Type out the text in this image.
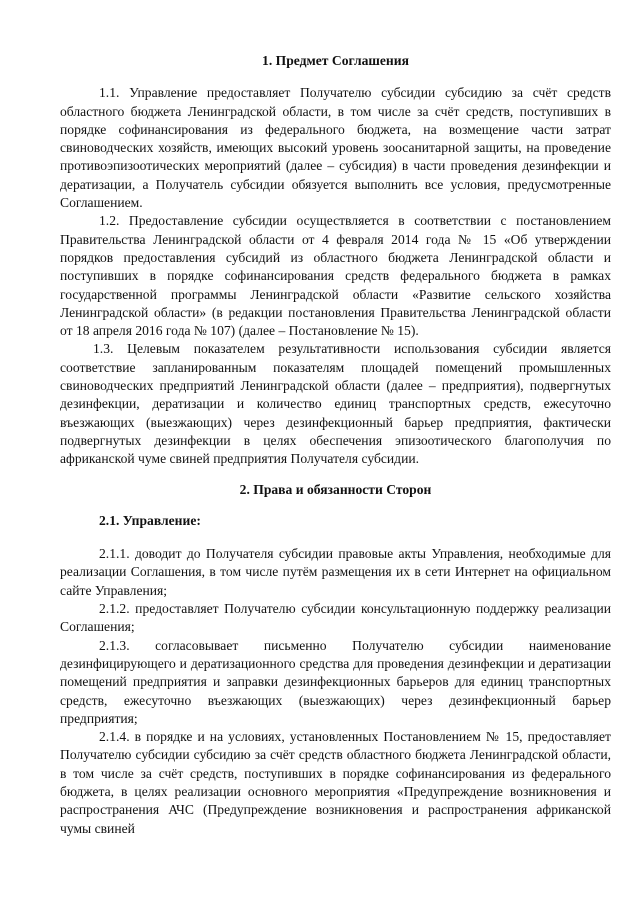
1. Предмет Соглашения

1.1. Управление предоставляет Получателю субсидии субсидию за счёт средств областного бюджета Ленинградской области, в том числе за счёт средств, поступивших в порядке софинансирования из федерального бюджета, на возмещение части затрат свиноводческих хозяйств, имеющих высокий уровень зоосанитарной защиты, на проведение противоэпизоотических мероприятий (далее – субсидия) в части проведения дезинфекции и дератизации, а Получатель субсидии обязуется выполнить все условия, предусмотренные Соглашением.

1.2. Предоставление субсидии осуществляется в соответствии с постановлением Правительства Ленинградской области от 4 февраля 2014 года № 15 «Об утверждении порядков предоставления субсидий из областного бюджета Ленинградской области и поступивших в порядке софинансирования средств федерального бюджета в рамках государственной программы Ленинградской области «Развитие сельского хозяйства Ленинградской области» (в редакции постановления Правительства Ленинградской области от 18 апреля 2016 года № 107) (далее – Постановление № 15).

1.3. Целевым показателем результативности использования субсидии является соответствие запланированным показателям площадей помещений промышленных свиноводческих предприятий Ленинградской области (далее – предприятия), подвергнутых дезинфекции, дератизации и количество единиц транспортных средств, ежесуточно въезжающих (выезжающих) через дезинфекционный барьер предприятия, фактически подвергнутых дезинфекции в целях обеспечения эпизоотического благополучия по африканской чуме свиней предприятия Получателя субсидии.

2. Права и обязанности Сторон
2.1. Управление:

2.1.1. доводит до Получателя субсидии правовые акты Управления, необходимые для реализации Соглашения, в том числе путём размещения их в сети Интернет на официальном сайте Управления;

2.1.2. предоставляет Получателю субсидии консультационную поддержку реализации Соглашения;

2.1.3. согласовывает письменно Получателю субсидии наименование дезинфицирующего и дератизационного средства для проведения дезинфекции и дератизации помещений предприятия и заправки дезинфекционных барьеров для единиц транспортных средств, ежесуточно въезжающих (выезжающих) через дезинфекционный барьер предприятия;

2.1.4. в порядке и на условиях, установленных Постановлением № 15, предоставляет Получателю субсидии субсидию за счёт средств областного бюджета Ленинградской области, в том числе за счёт средств, поступивших в порядке софинансирования из федерального бюджета, в целях реализации основного мероприятия «Предупреждение возникновения и распространения АЧС (Предупреждение возникновения и распространения африканской чумы свиней
